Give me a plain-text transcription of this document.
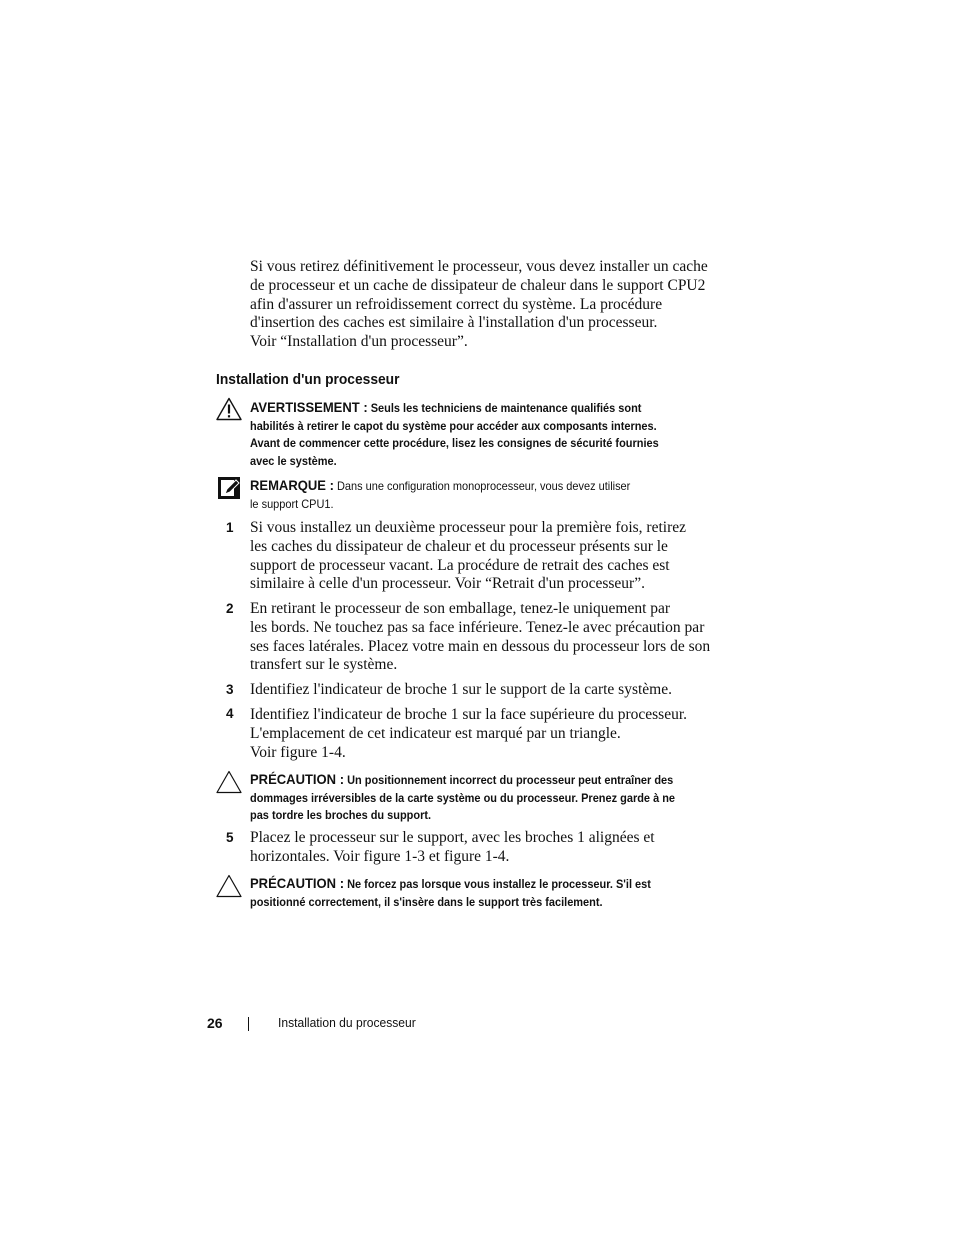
Si vous retirez définitivement le processeur, vous devez installer un cache
de processeur et un cache de dissipateur de chaleur dans le support CPU2
afin d'assurer un refroidissement correct du système. La procédure
d'insertion des caches est similaire à l'installation d'un processeur.
Voir “Installation d'un processeur”.
Installation d'un processeur
AVERTISSEMENT : Seuls les techniciens de maintenance qualifiés sont
habilités à retirer le capot du système pour accéder aux composants internes.
Avant de commencer cette procédure, lisez les consignes de sécurité fournies
avec le système.
REMARQUE : Dans une configuration monoprocesseur, vous devez utiliser
le support CPU1.
1 Si vous installez un deuxième processeur pour la première fois, retirez
les caches du dissipateur de chaleur et du processeur présents sur le
support de processeur vacant. La procédure de retrait des caches est
similaire à celle d'un processeur. Voir “Retrait d'un processeur”.
2 En retirant le processeur de son emballage, tenez-le uniquement par
les bords. Ne touchez pas sa face inférieure. Tenez-le avec précaution par
ses faces latérales. Placez votre main en dessous du processeur lors de son
transfert sur le système.
3 Identifiez l'indicateur de broche 1 sur le support de la carte système.
4 Identifiez l'indicateur de broche 1 sur la face supérieure du processeur.
L'emplacement de cet indicateur est marqué par un triangle.
Voir figure 1-4.
PRÉCAUTION : Un positionnement incorrect du processeur peut entraîner des
dommages irréversibles de la carte système ou du processeur. Prenez garde à ne
pas tordre les broches du support.
5 Placez le processeur sur le support, avec les broches 1 alignées et
horizontales. Voir figure 1-3 et figure 1-4.
PRÉCAUTION : Ne forcez pas lorsque vous installez le processeur. S'il est
positionné correctement, il s'insère dans le support très facilement.
26	Installation du processeur
